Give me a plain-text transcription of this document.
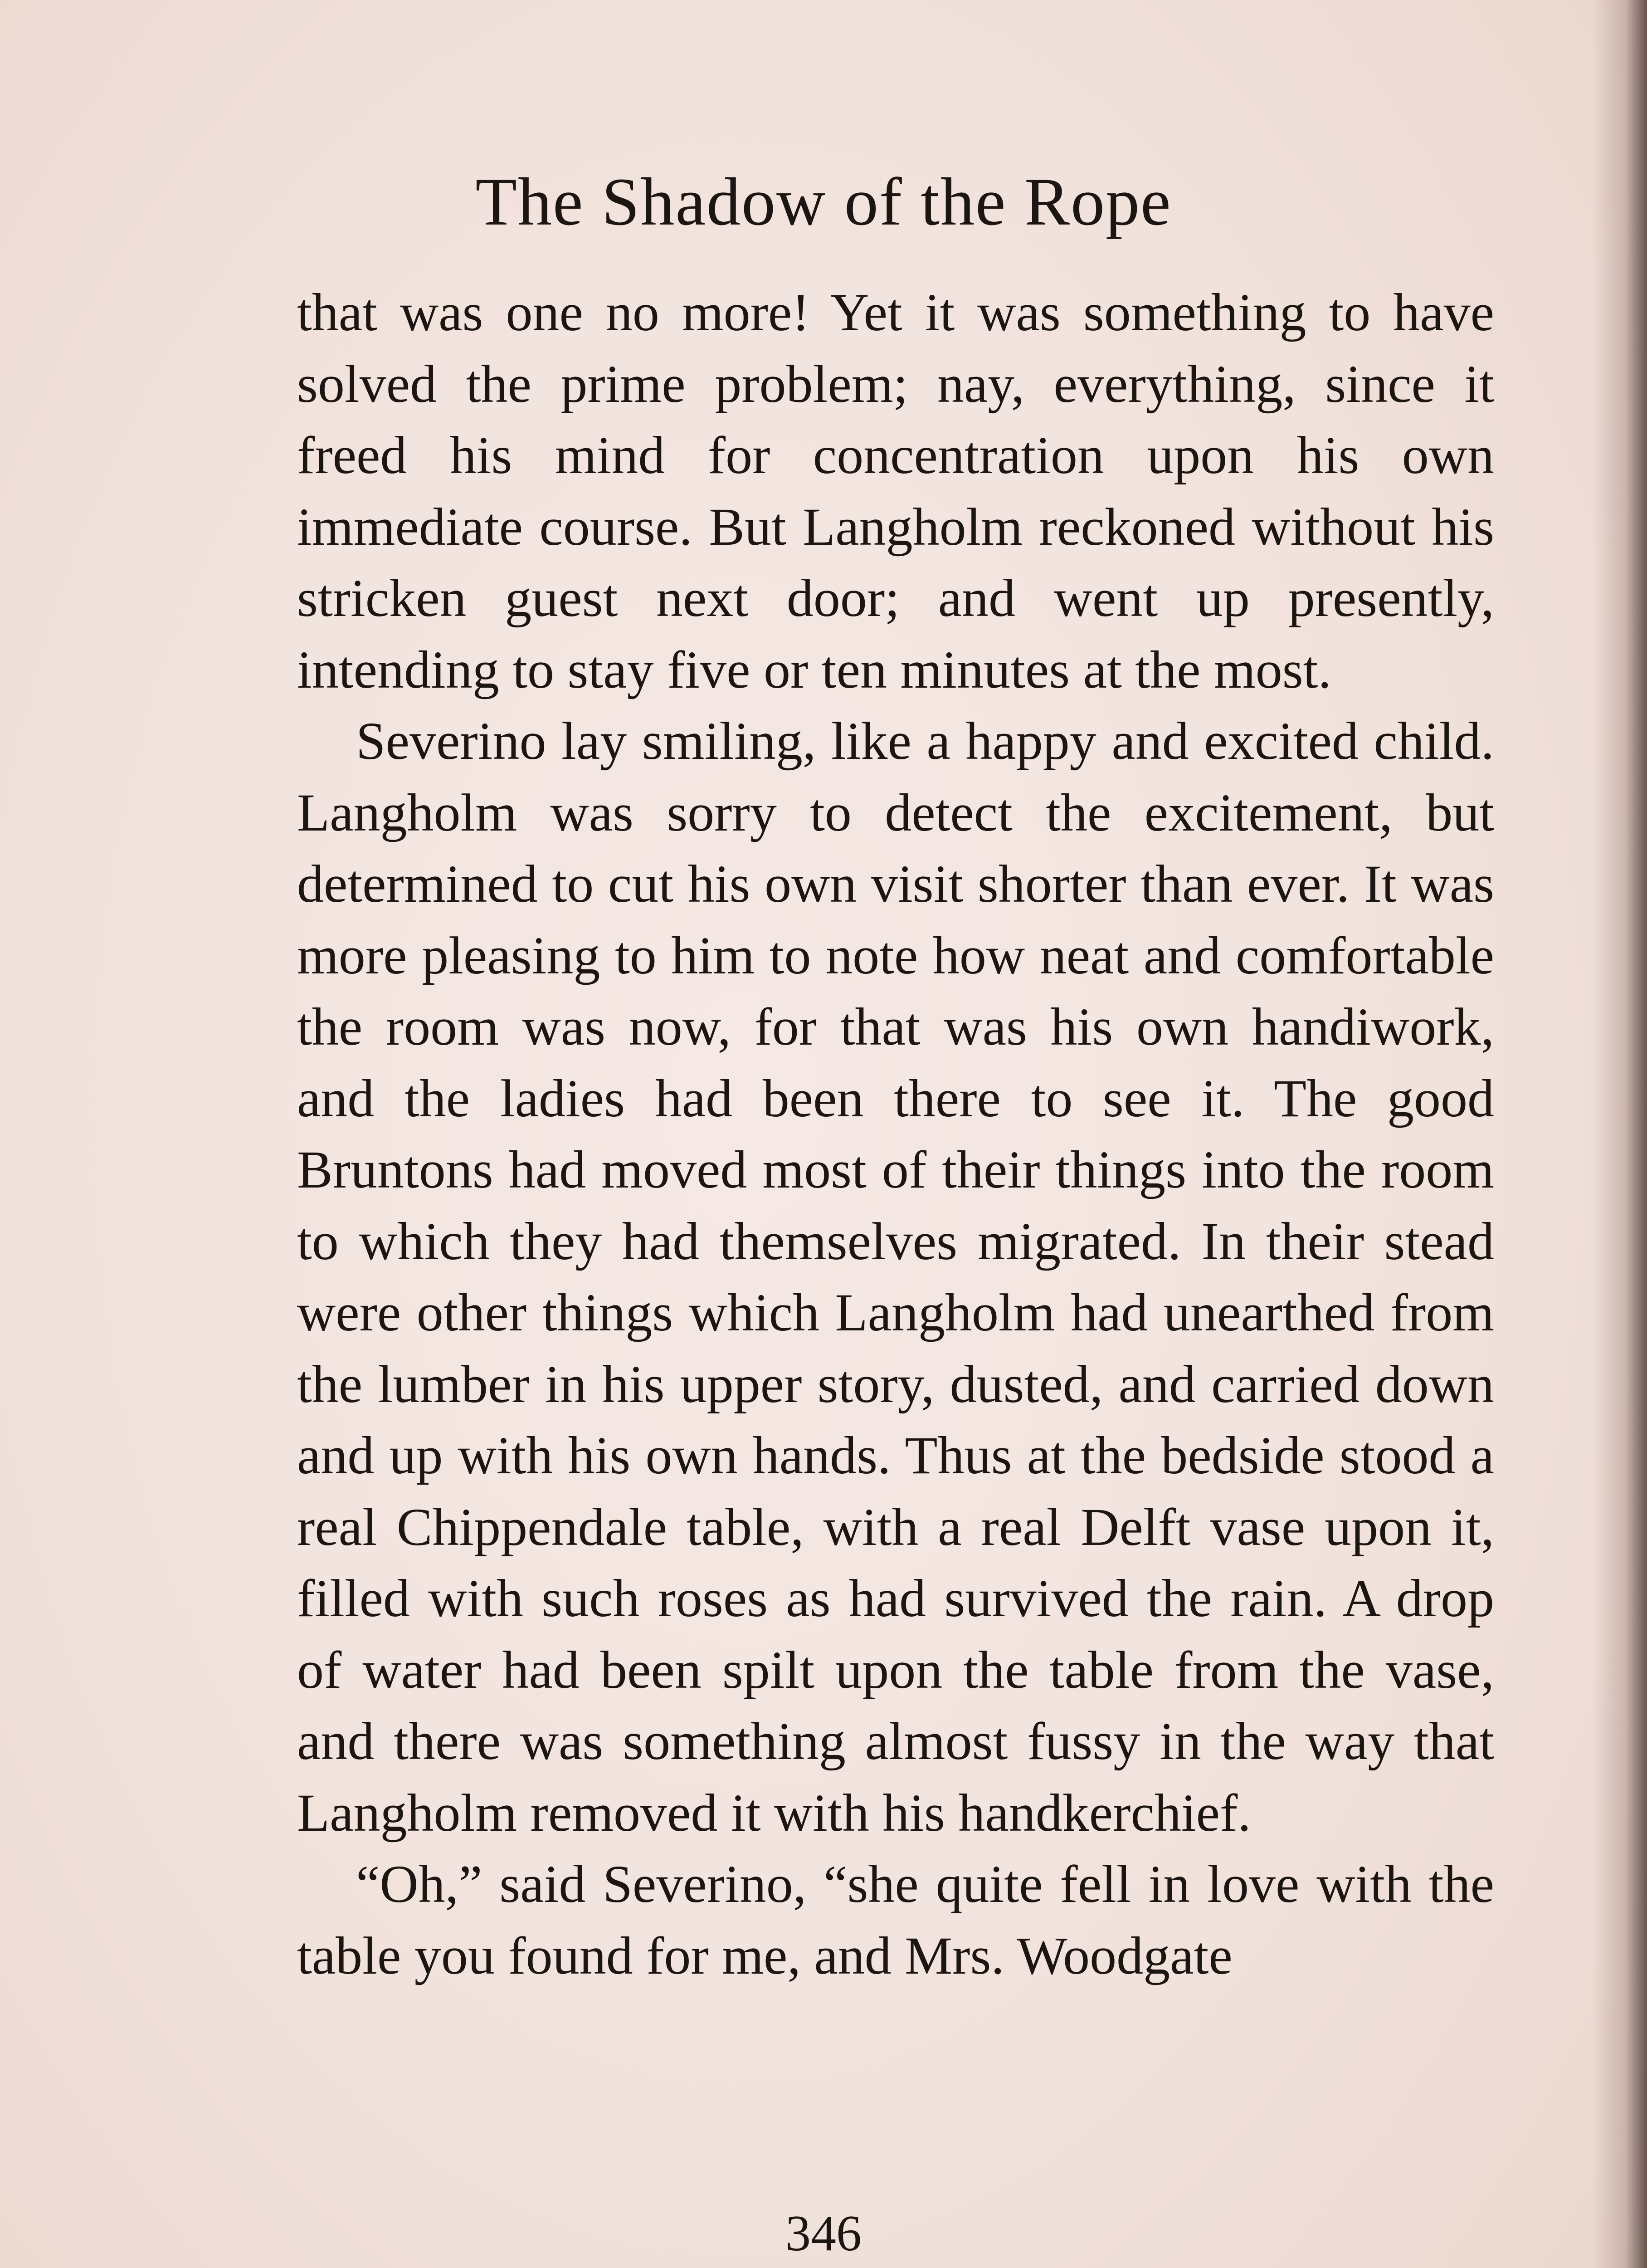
The Shadow of the Rope

that was one no more! Yet it was something to have solved the prime problem; nay, everything, since it freed his mind for concentration upon his own immediate course. But Langholm reckoned without his stricken guest next door; and went up presently, intending to stay five or ten minutes at the most.

Severino lay smiling, like a happy and excited child. Langholm was sorry to detect the excitement, but determined to cut his own visit shorter than ever. It was more pleasing to him to note how neat and comfortable the room was now, for that was his own handiwork, and the ladies had been there to see it. The good Bruntons had moved most of their things into the room to which they had themselves migrated. In their stead were other things which Langholm had unearthed from the lumber in his upper story, dusted, and carried down and up with his own hands. Thus at the bedside stood a real Chippendale table, with a real Delft vase upon it, filled with such roses as had survived the rain. A drop of water had been spilt upon the table from the vase, and there was something almost fussy in the way that Langholm removed it with his handkerchief.

“Oh,” said Severino, “she quite fell in love with the table you found for me, and Mrs. Woodgate

346
